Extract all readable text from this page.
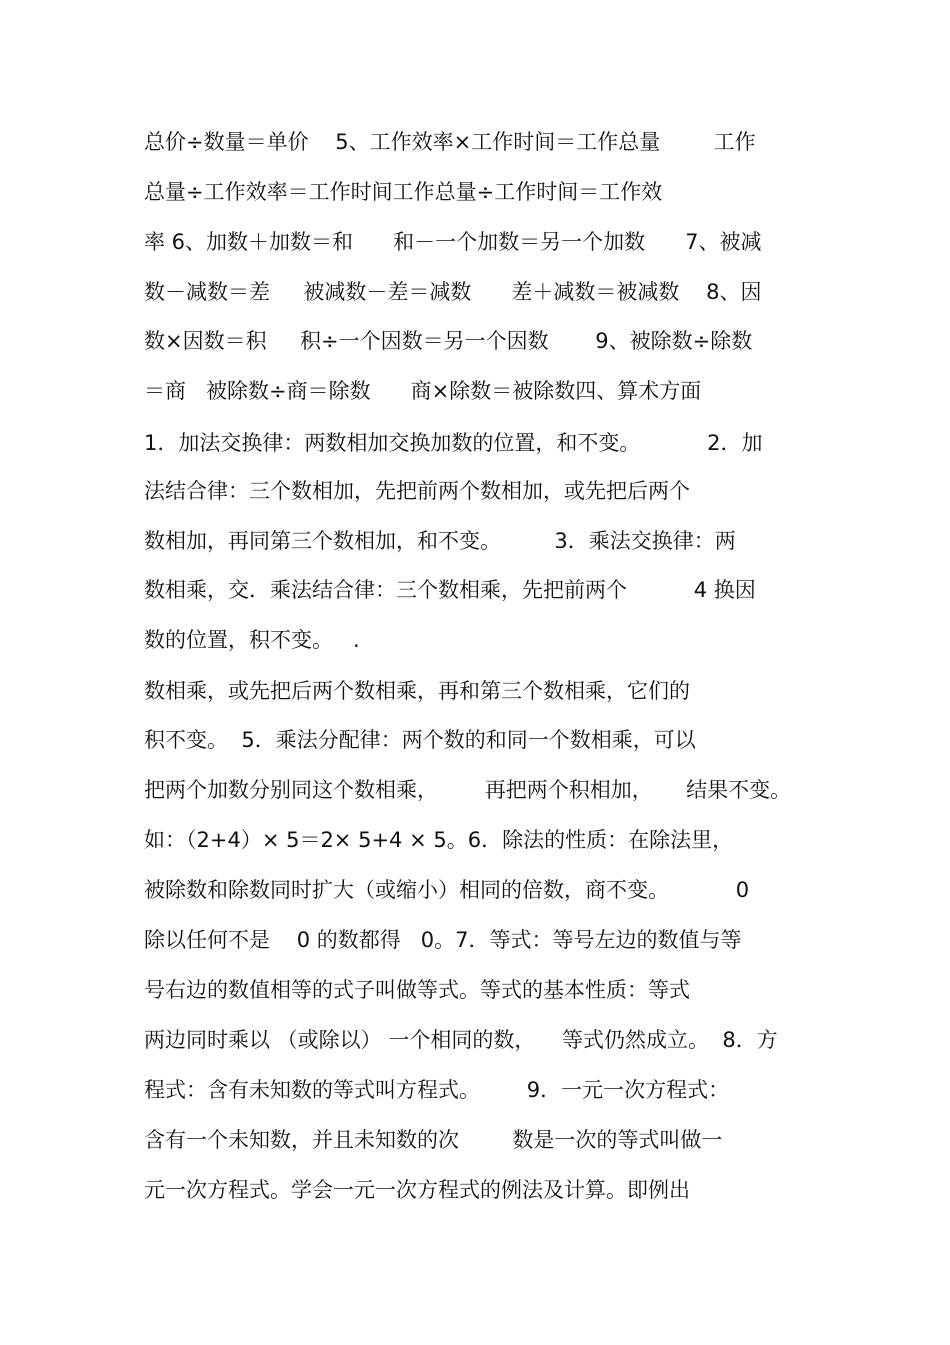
总价÷数量＝单价    5、工作效率×工作时间＝工作总量        工作
总量÷工作效率＝工作时间工作总量÷工作时间＝工作效
率 6、加数＋加数＝和      和－一个加数＝另一个加数      7、被减
数－减数＝差     被减数－差＝减数      差＋减数＝被减数    8、因
数×因数＝积     积÷一个因数＝另一个因数       9、被除数÷除数
＝商   被除数÷商＝除数      商×除数＝被除数四、算术方面
1．加法交换律：两数相加交换加数的位置，和不变。          2．加
法结合律：三个数相加，先把前两个数相加，或先把后两个
数相加，再同第三个数相加，和不变。        3．乘法交换律：两
数相乘，交．乘法结合律：三个数相乘，先把前两个          4 换因
数的位置，积不变。   .
数相乘，或先把后两个数相乘，再和第三个数相乘，它们的
积不变。  5．乘法分配律：两个数的和同一个数相乘，可以
把两个加数分别同这个数相乘，       再把两个积相加，     结果不变。
如：（2+4）× 5＝2× 5+4 × 5。6．除法的性质：在除法里，
被除数和除数同时扩大（或缩小）相同的倍数，商不变。          0
除以任何不是    0 的数都得   0。7．等式：等号左边的数值与等
号右边的数值相等的式子叫做等式。等式的基本性质：等式
两边同时乘以 （或除以） 一个相同的数，    等式仍然成立。  8．方
程式：含有未知数的等式叫方程式。       9．一元一次方程式：
含有一个未知数，并且未知数的次        数是一次的等式叫做一
元一次方程式。学会一元一次方程式的例法及计算。即例出
